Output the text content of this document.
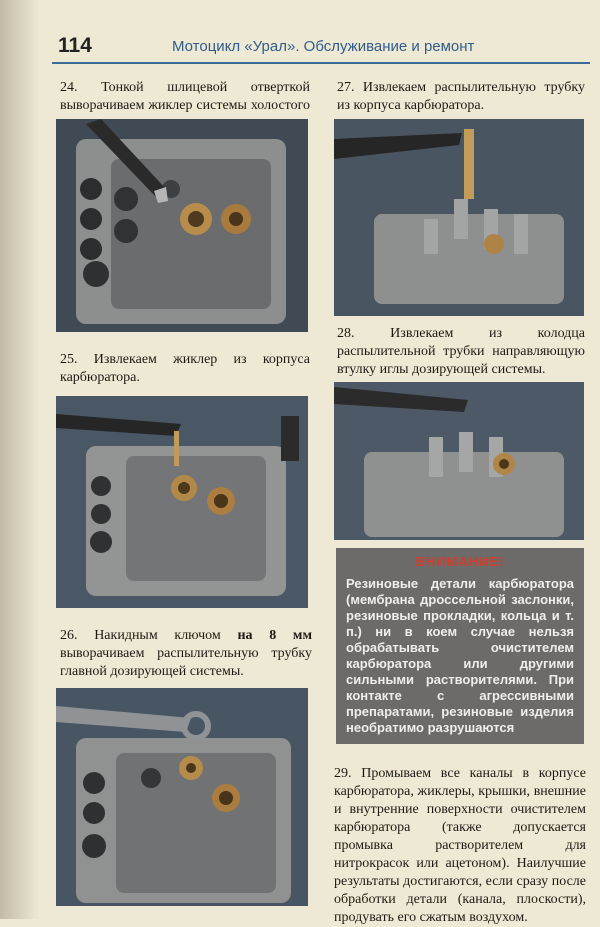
114	Мотоцикл «Урал». Обслуживание и ремонт

24. Тонкой шлицевой отверткой выворачиваем жиклер системы холостого

25. Извлекаем жиклер из корпуса карбюратора.

26. Накидным ключом на 8 мм выворачиваем распылительную трубку главной дозирующей системы.

27. Извлекаем распылительную трубку из корпуса карбюратора.

28. Извлекаем из колодца распылительной трубки направляющую втулку иглы дозирующей системы.

ВНИМАНИЕ!

Резиновые детали карбюратора (мембрана дроссельной заслонки, резиновые прокладки, кольца и т. п.) ни в коем случае нельзя обрабатывать очистителем карбюратора или другими сильными растворителями. При контакте с агрессивными препаратами, резиновые изделия необратимо разрушаются

29. Промываем все каналы в корпусе карбюратора, жиклеры, крышки, внешние и внутренние поверхности очистителем карбюратора (также допускается промывка растворителем для нитрокрасок или ацетоном). Наилучшие результаты достигаются, если сразу после обработки детали (канала, плоскости), продувать его сжатым воздухом.
